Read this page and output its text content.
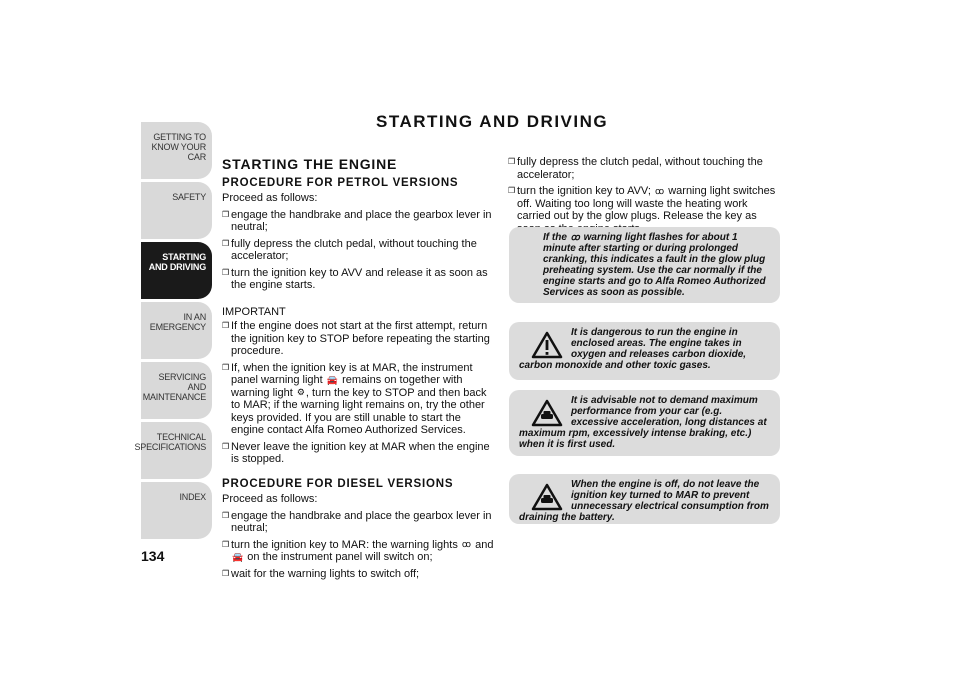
GETTING TO KNOW YOUR CAR
SAFETY
STARTING AND DRIVING
IN AN EMERGENCY
SERVICING AND MAINTENANCE
TECHNICAL SPECIFICATIONS
INDEX
134
STARTING AND DRIVING
STARTING THE ENGINE
PROCEDURE FOR PETROL VERSIONS

Proceed as follows:

❒ engage the handbrake and place the gearbox lever in neutral;
❒ fully depress the clutch pedal, without touching the accelerator;
❒ turn the ignition key to AVV and release it as soon as the engine starts.

IMPORTANT

❒ If the engine does not start at the first attempt, return the ignition key to STOP before repeating the starting procedure.
❒ If, when the ignition key is at MAR, the instrument panel warning light 🚘 remains on together with warning light ⚙, turn the key to STOP and then back to MAR; if the warning light remains on, try the other keys provided. If you are still unable to start the engine contact Alfa Romeo Authorized Services.
❒ Never leave the ignition key at MAR when the engine is stopped.
PROCEDURE FOR DIESEL VERSIONS

Proceed as follows:

❒ engage the handbrake and place the gearbox lever in neutral;
❒ turn the ignition key to MAR: the warning lights ꝏ and 🚘 on the instrument panel will switch on;
❒ wait for the warning lights to switch off;
❒ fully depress the clutch pedal, without touching the accelerator;
❒ turn the ignition key to AVV; ꝏ warning light switches off. Waiting too long will waste the heating work carried out by the glow plugs. Release the key as
If the ꝏ warning light flashes for about 1 minute after starting or during prolonged cranking, this indicates a fault in the glow plug preheating system. Use the car normally if the engine starts and go to Alfa Romeo Authorized Services as soon as possible.
It is dangerous to run the engine in enclosed areas. The engine takes in oxygen and releases carbon dioxide, carbon monoxide and other toxic gases.
It is advisable not to demand maximum performance from your car (e.g. excessive acceleration, long distances at maximum rpm, excessively intense braking, etc.) when it is first used.
When the engine is off, do not leave the ignition key turned to MAR to prevent unnecessary electrical consumption from draining the battery.
